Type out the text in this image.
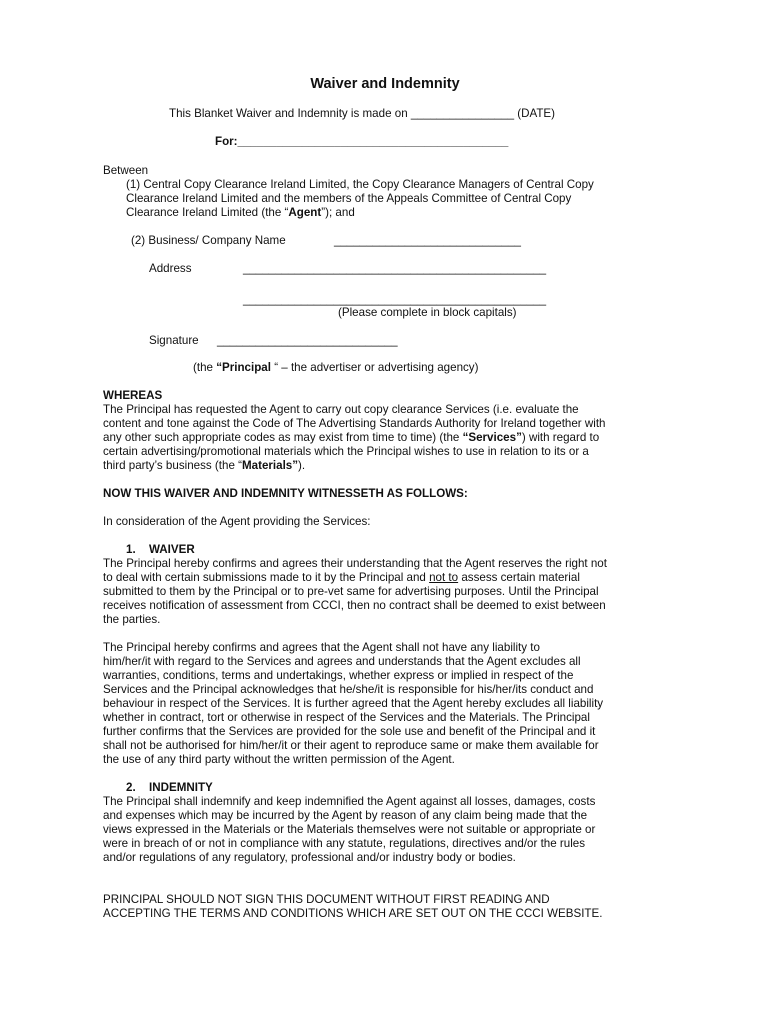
Waiver and Indemnity
This Blanket Waiver and Indemnity is made on ________________ (DATE)
For:__________________________________________
Between
(1) Central Copy Clearance Ireland Limited, the Copy Clearance Managers of Central Copy
Clearance Ireland Limited and the members of the Appeals Committee of Central Copy
Clearance Ireland Limited (the “Agent”); and
(2) Business/ Company Name	_____________________________
Address	_______________________________________________
_______________________________________________
(Please complete in block capitals)
Signature ____________________________
(the “Principal “ – the advertiser or advertising agency)
WHEREAS
The Principal has requested the Agent to carry out copy clearance Services (i.e. evaluate the
content and tone against the Code of The Advertising Standards Authority for Ireland together with
any other such appropriate codes as may exist from time to time) (the “Services”) with regard to
certain advertising/promotional materials which the Principal wishes to use in relation to its or a
third party’s business (the “Materials”).
NOW THIS WAIVER AND INDEMNITY WITNESSETH AS FOLLOWS:
In consideration of the Agent providing the Services:
1. WAIVER
The Principal hereby confirms and agrees their understanding that the Agent reserves the right not
to deal with certain submissions made to it by the Principal and not to assess certain material
submitted to them by the Principal or to pre-vet same for advertising purposes. Until the Principal
receives notification of assessment from CCCI, then no contract shall be deemed to exist between
the parties.
The Principal hereby confirms and agrees that the Agent shall not have any liability to
him/her/it with regard to the Services and agrees and understands that the Agent excludes all
warranties, conditions, terms and undertakings, whether express or implied in respect of the
Services and the Principal acknowledges that he/she/it is responsible for his/her/its conduct and
behaviour in respect of the Services. It is further agreed that the Agent hereby excludes all liability
whether in contract, tort or otherwise in respect of the Services and the Materials. The Principal
further confirms that the Services are provided for the sole use and benefit of the Principal and it
shall not be authorised for him/her/it or their agent to reproduce same or make them available for
the use of any third party without the written permission of the Agent.
2. INDEMNITY
The Principal shall indemnify and keep indemnified the Agent against all losses, damages, costs
and expenses which may be incurred by the Agent by reason of any claim being made that the
views expressed in the Materials or the Materials themselves were not suitable or appropriate or
were in breach of or not in compliance with any statute, regulations, directives and/or the rules
and/or regulations of any regulatory, professional and/or industry body or bodies.
PRINCIPAL SHOULD NOT SIGN THIS DOCUMENT WITHOUT FIRST READING AND
ACCEPTING THE TERMS AND CONDITIONS WHICH ARE SET OUT ON THE CCCI WEBSITE.
